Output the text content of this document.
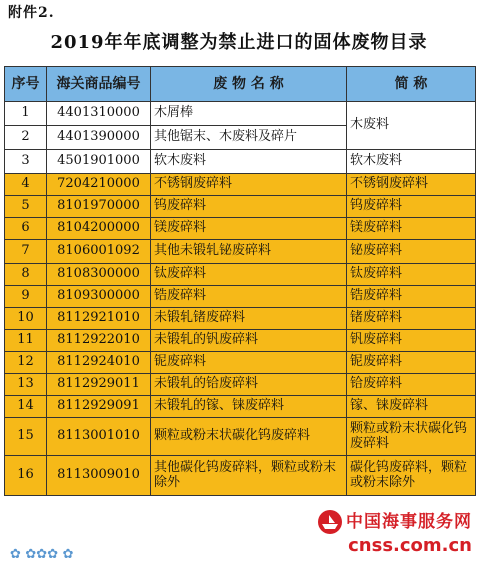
附件2.
2019年年底调整为禁止进口的固体废物目录
序号	海关商品编号	废 物 名 称	简 称
1	4401310000	木屑棒	木废料
2	4401390000	其他锯末、木废料及碎片	
3	4501901000	软木废料	软木废料
4	7204210000	不锈钢废碎料	不锈钢废碎料
5	8101970000	钨废碎料	钨废碎料
6	8104200000	镁废碎料	镁废碎料
7	8106001092	其他未锻轧铋废碎料	铋废碎料
8	8108300000	钛废碎料	钛废碎料
9	8109300000	锆废碎料	锆废碎料
10	8112921010	未锻轧锗废碎料	锗废碎料
11	8112922010	未锻轧的钒废碎料	钒废碎料
12	8112924010	铌废碎料	铌废碎料
13	8112929011	未锻轧的铪废碎料	铪废碎料
14	8112929091	未锻轧的镓、铼废碎料	镓、铼废碎料
15	8113001010	颗粒或粉末状碳化钨废碎料	颗粒或粉末状碳化钨废碎料
16	8113009010	其他碳化钨废碎料，颗粒或粉末除外	碳化钨废碎料，颗粒或粉末除外
✿ ✿✿✿ ✿
中国海事服务网
cnss.com.cn
